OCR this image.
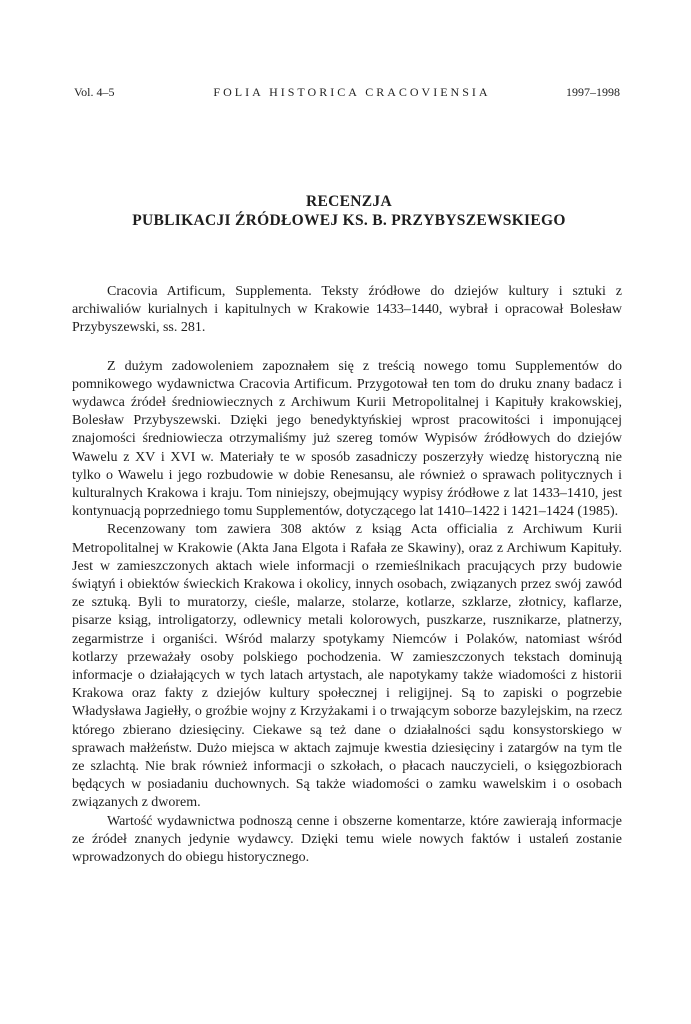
Vol. 4–5	FOLIA HISTORICA CRACOVIENSIA	1997–1998
RECENZJA
PUBLIKACJI ŹRÓDŁOWEJ KS. B. PRZYBYSZEWSKIEGO

Cracovia Artificum, Supplementa. Teksty źródłowe do dziejów kultury i sztuki z archiwaliów kurialnych i kapitulnych w Krakowie 1433–1440, wybrał i opracował Bolesław Przybyszewski, ss. 281.

Z dużym zadowoleniem zapoznałem się z treścią nowego tomu Supplementów do pomnikowego wydawnictwa Cracovia Artificum. Przygotował ten tom do druku znany badacz i wydawca źródeł średniowiecznych z Archiwum Kurii Metropolitalnej i Kapituły krakowskiej, Bolesław Przybyszewski. Dzięki jego benedyktyńskiej wprost pracowitości i imponującej znajomości średniowiecza otrzymaliśmy już szereg tomów Wypisów źródłowych do dziejów Wawelu z XV i XVI w. Materiały te w sposób zasadniczy poszerzyły wiedzę historyczną nie tylko o Wawelu i jego rozbudowie w dobie Renesansu, ale również o sprawach politycznych i kulturalnych Krakowa i kraju. Tom niniejszy, obejmujący wypisy źródłowe z lat 1433–1410, jest kontynuacją poprzedniego tomu Supplementów, dotyczącego lat 1410–1422 i 1421–1424 (1985).

Recenzowany tom zawiera 308 aktów z ksiąg Acta officialia z Archiwum Kurii Metropolitalnej w Krakowie (Akta Jana Elgota i Rafała ze Skawiny), oraz z Archiwum Kapituły. Jest w zamieszczonych aktach wiele informacji o rzemieślnikach pracujących przy budowie świątyń i obiektów świeckich Krakowa i okolicy, innych osobach, związanych przez swój zawód ze sztuką. Byli to muratorzy, cieśle, malarze, stolarze, kotlarze, szklarze, złotnicy, kaflarze, pisarze ksiąg, introligatorzy, odlewnicy metali kolorowych, puszkarze, rusznikarze, platnerzy, zegarmistrze i organiści. Wśród malarzy spotykamy Niemców i Polaków, natomiast wśród kotlarzy przeważały osoby polskiego pochodzenia. W zamieszczonych tekstach dominują informacje o działających w tych latach artystach, ale napotykamy także wiadomości z historii Krakowa oraz fakty z dziejów kultury społecznej i religijnej. Są to zapiski o pogrzebie Władysława Jagiełły, o groźbie wojny z Krzyżakami i o trwającym soborze bazylejskim, na rzecz którego zbierano dziesięciny. Ciekawe są też dane o działalności sądu konsystorskiego w sprawach małżeństw. Dużo miejsca w aktach zajmuje kwestia dziesięciny i zatargów na tym tle ze szlachtą. Nie brak również informacji o szkołach, o płacach nauczycieli, o księgozbiorach będących w posiadaniu duchownych. Są także wiadomości o zamku wawelskim i o osobach związanych z dworem.

Wartość wydawnictwa podnoszą cenne i obszerne komentarze, które zawierają informacje ze źródeł znanych jedynie wydawcy. Dzięki temu wiele nowych faktów i ustaleń zostanie wprowadzonych do obiegu historycznego.
